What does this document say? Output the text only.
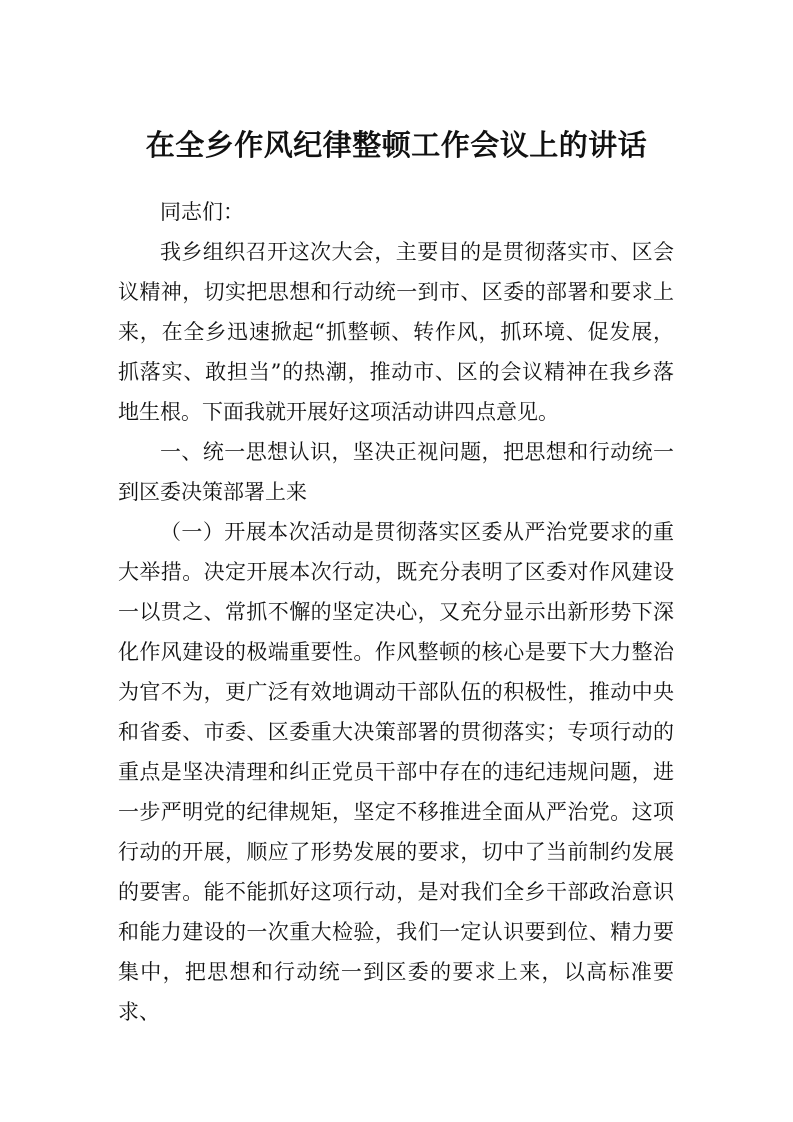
在全乡作风纪律整顿工作会议上的讲话

同志们：

我乡组织召开这次大会，主要目的是贯彻落实市、区会议精神，切实把思想和行动统一到市、区委的部署和要求上来，在全乡迅速掀起“抓整顿、转作风，抓环境、促发展，抓落实、敢担当”的热潮，推动市、区的会议精神在我乡落地生根。下面我就开展好这项活动讲四点意见。

一、统一思想认识，坚决正视问题，把思想和行动统一到区委决策部署上来

（一）开展本次活动是贯彻落实区委从严治党要求的重大举措。决定开展本次行动，既充分表明了区委对作风建设一以贯之、常抓不懈的坚定决心，又充分显示出新形势下深化作风建设的极端重要性。作风整顿的核心是要下大力整治为官不为，更广泛有效地调动干部队伍的积极性，推动中央和省委、市委、区委重大决策部署的贯彻落实；专项行动的重点是坚决清理和纠正党员干部中存在的违纪违规问题，进一步严明党的纪律规矩，坚定不移推进全面从严治党。这项行动的开展，顺应了形势发展的要求，切中了当前制约发展的要害。能不能抓好这项行动，是对我们全乡干部政治意识和能力建设的一次重大检验，我们一定认识要到位、精力要集中，把思想和行动统一到区委的要求上来，以高标准要求、
